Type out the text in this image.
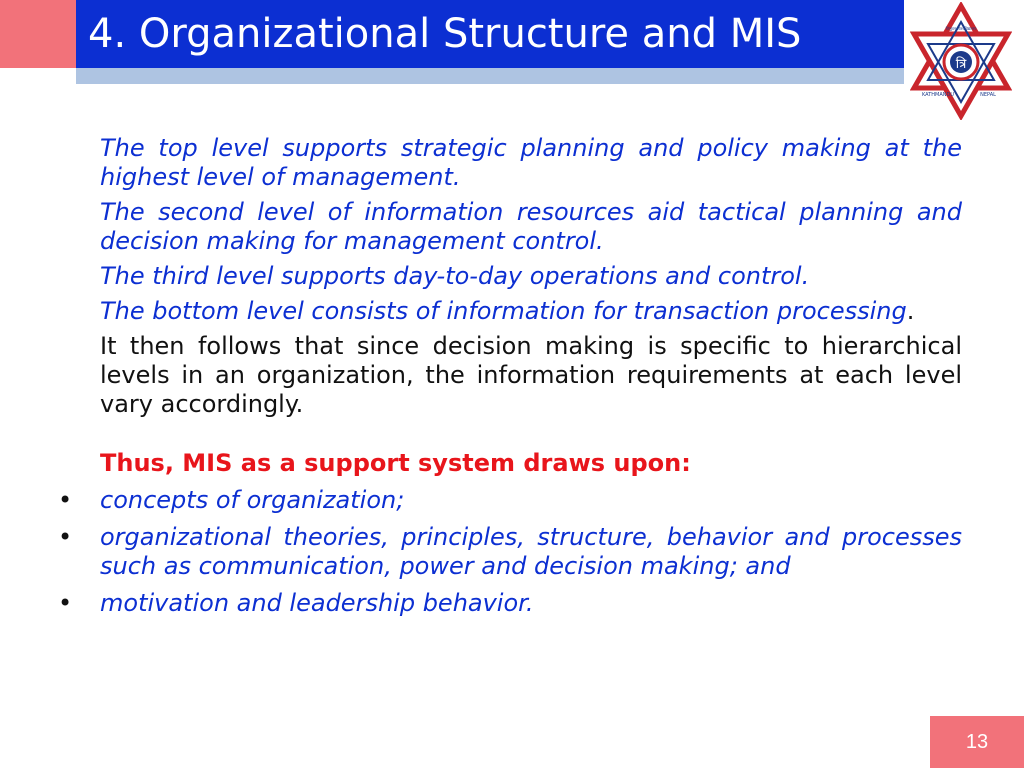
4. Organizational Structure and MIS
त्रि
त्रिभुवन विश्वविद्यालय
KATHMANDU	NEPAL

The top level supports strategic planning and policy making at the highest level of management.

The second level of information resources aid tactical planning and decision making for management control.

The third level supports day-to-day operations and control.

The bottom level consists of information for transaction processing.

It then follows that since decision making is specific to hierarchical levels in an organization, the information requirements at each level vary accordingly.

Thus, MIS as a support system draws upon:

• concepts of organization;
• organizational theories, principles, structure, behavior and processes such as communication, power and decision making; and
• motivation and leadership behavior.
13
